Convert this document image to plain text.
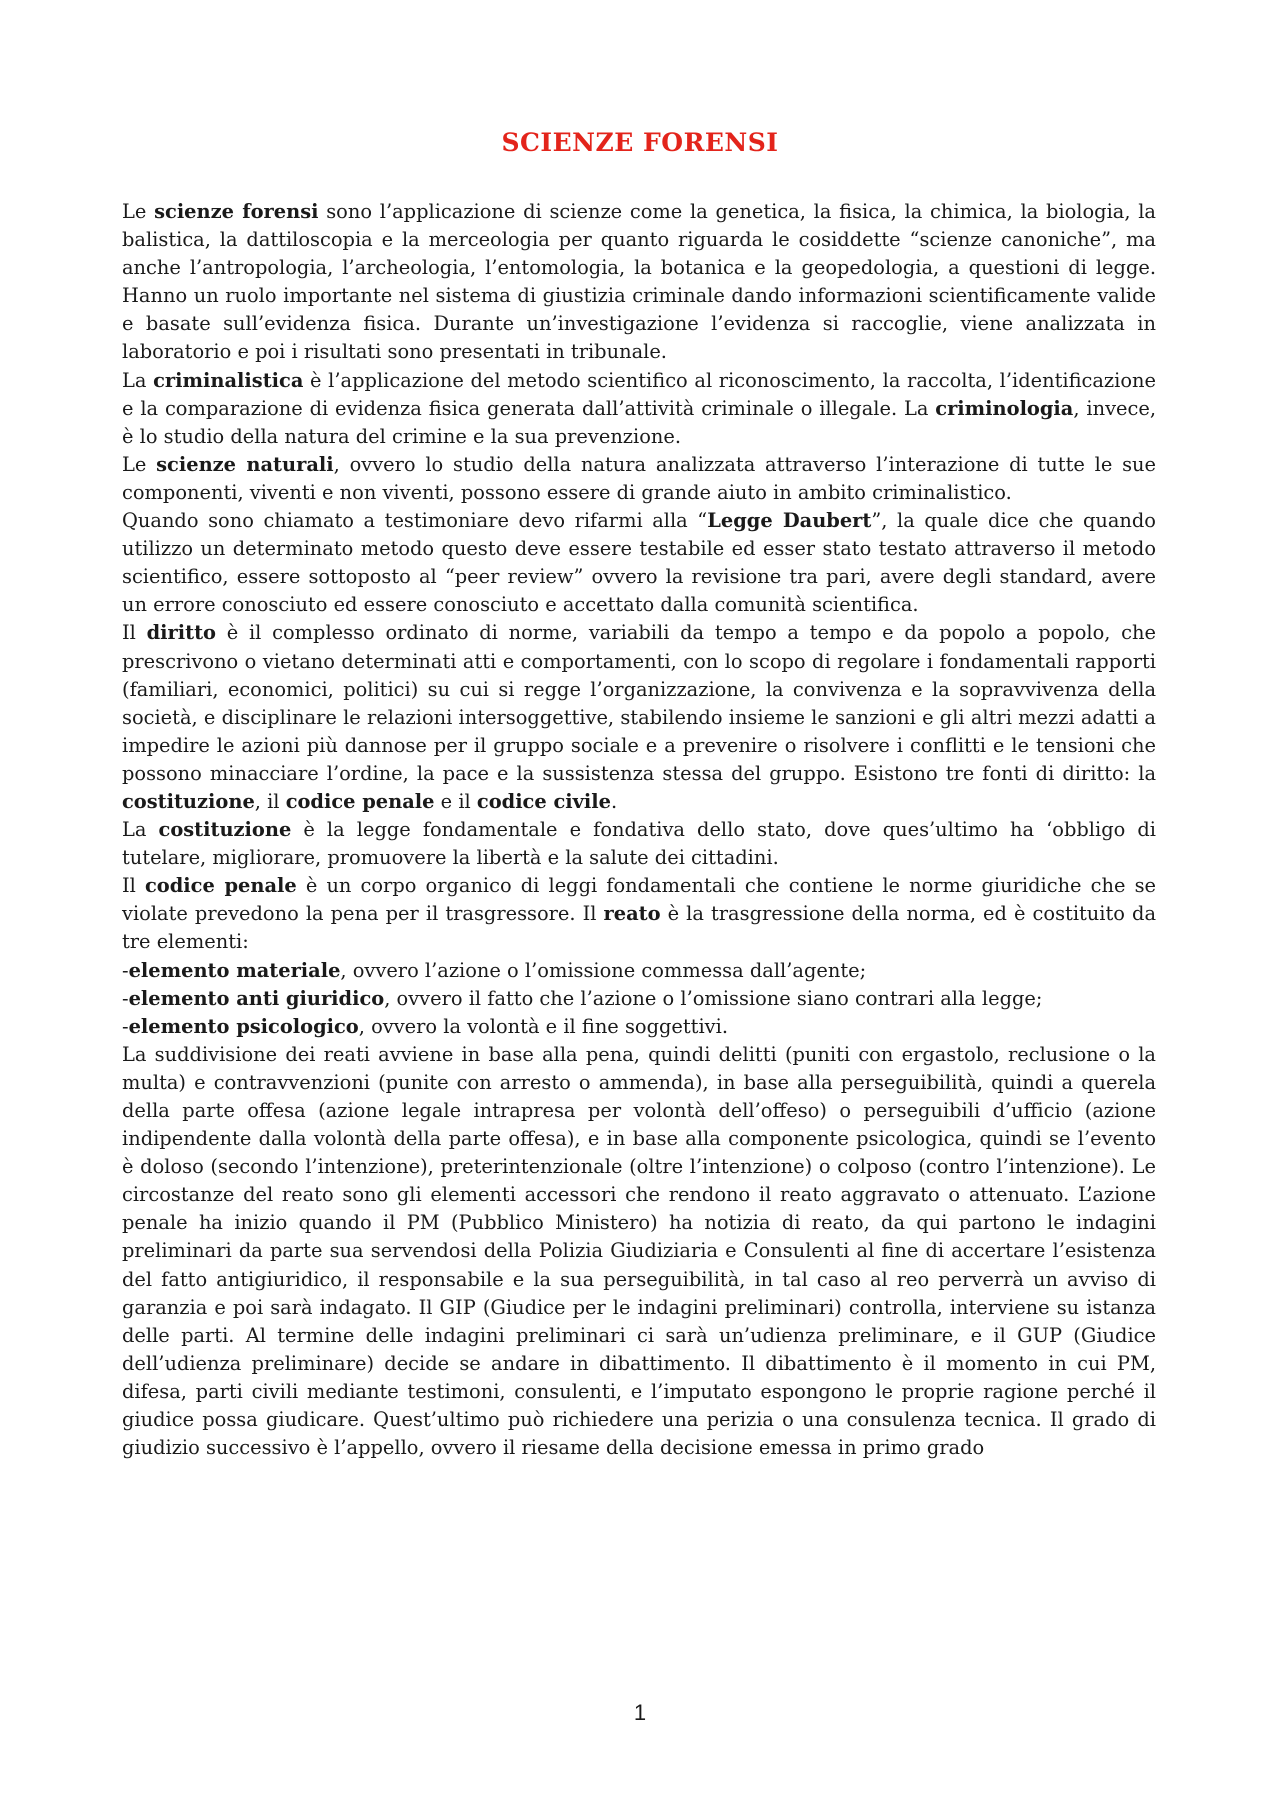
SCIENZE FORENSI

Le scienze forensi sono l’applicazione di scienze come la genetica, la fisica, la chimica, la biologia, la balistica, la dattiloscopia e la merceologia per quanto riguarda le cosiddette “scienze canoniche”, ma anche l’antropologia, l’archeologia, l’entomologia, la botanica e la geopedologia, a questioni di legge. Hanno un ruolo importante nel sistema di giustizia criminale dando informazioni scientificamente valide e basate sull’evidenza fisica. Durante un’investigazione l’evidenza si raccoglie, viene analizzata in laboratorio e poi i risultati sono presentati in tribunale.

La criminalistica è l’applicazione del metodo scientifico al riconoscimento, la raccolta, l’identificazione e la comparazione di evidenza fisica generata dall’attività criminale o illegale. La criminologia, invece, è lo studio della natura del crimine e la sua prevenzione.

Le scienze naturali, ovvero lo studio della natura analizzata attraverso l’interazione di tutte le sue componenti, viventi e non viventi, possono essere di grande aiuto in ambito criminalistico.

Quando sono chiamato a testimoniare devo rifarmi alla “Legge Daubert”, la quale dice che quando utilizzo un determinato metodo questo deve essere testabile ed esser stato testato attraverso il metodo scientifico, essere sottoposto al “peer review” ovvero la revisione tra pari, avere degli standard, avere un errore conosciuto ed essere conosciuto e accettato dalla comunità scientifica.

Il diritto è il complesso ordinato di norme, variabili da tempo a tempo e da popolo a popolo, che prescrivono o vietano determinati atti e comportamenti, con lo scopo di regolare i fondamentali rapporti (familiari, economici, politici) su cui si regge l’organizzazione, la convivenza e la sopravvivenza della società, e disciplinare le relazioni intersoggettive, stabilendo insieme le sanzioni e gli altri mezzi adatti a impedire le azioni più dannose per il gruppo sociale e a prevenire o risolvere i conflitti e le tensioni che possono minacciare l’ordine, la pace e la sussistenza stessa del gruppo. Esistono tre fonti di diritto: la costituzione, il codice penale e il codice civile.

La costituzione è la legge fondamentale e fondativa dello stato, dove ques’ultimo ha ‘obbligo di tutelare, migliorare, promuovere la libertà e la salute dei cittadini.

Il codice penale è un corpo organico di leggi fondamentali che contiene le norme giuridiche che se violate prevedono la pena per il trasgressore. Il reato è la trasgressione della norma, ed è costituito da tre elementi:

-elemento materiale, ovvero l’azione o l’omissione commessa dall’agente;

-elemento anti giuridico, ovvero il fatto che l’azione o l’omissione siano contrari alla legge;

-elemento psicologico, ovvero la volontà e il fine soggettivi.

La suddivisione dei reati avviene in base alla pena, quindi delitti (puniti con ergastolo, reclusione o la multa) e contravvenzioni (punite con arresto o ammenda), in base alla perseguibilità, quindi a querela della parte offesa (azione legale intrapresa per volontà dell’offeso) o perseguibili d’ufficio (azione indipendente dalla volontà della parte offesa), e in base alla componente psicologica, quindi se l’evento è doloso (secondo l’intenzione), preterintenzionale (oltre l’intenzione) o colposo (contro l’intenzione). Le circostanze del reato sono gli elementi accessori che rendono il reato aggravato o attenuato. L’azione penale ha inizio quando il PM (Pubblico Ministero) ha notizia di reato, da qui partono le indagini preliminari da parte sua servendosi della Polizia Giudiziaria e Consulenti al fine di accertare l’esistenza del fatto antigiuridico, il responsabile e la sua perseguibilità, in tal caso al reo perverrà un avviso di garanzia e poi sarà indagato. Il GIP (Giudice per le indagini preliminari) controlla, interviene su istanza delle parti. Al termine delle indagini preliminari ci sarà un’udienza preliminare, e il GUP (Giudice dell’udienza preliminare) decide se andare in dibattimento. Il dibattimento è il momento in cui PM, difesa, parti civili mediante testimoni, consulenti, e l’imputato espongono le proprie ragione perché il giudice possa giudicare. Quest’ultimo può richiedere una perizia o una consulenza tecnica. Il grado di giudizio successivo è l’appello, ovvero il riesame della decisione emessa in primo grado

1
